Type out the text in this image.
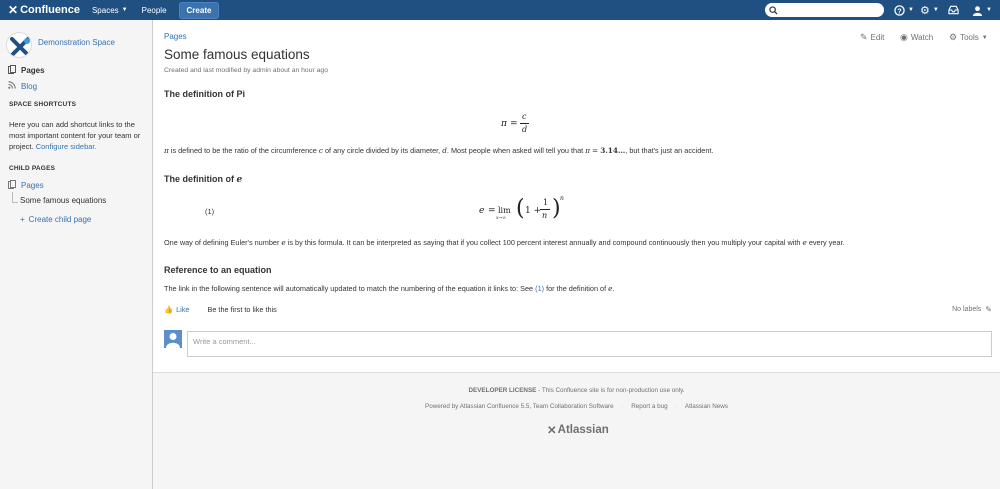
✕ Confluence Spaces ▼ People	Create	? ▼ ⚙ ▼	▼
Demonstration Space
Pages
Blog
SPACE SHORTCUTS
Here you can add shortcut links to the most important content for your team or project. Configure sidebar.
CHILD PAGES
Pages
Some famous equations
+ Create child page
Pages
Some famous equations
Created and last modified by admin about an hour ago
✎ Edit ◉ Watch ⚙ Tools ▼
The definition of Pi
π =
c
d
π is defined to be the ratio of the circumference c of any circle divided by its diameter, d. Most people when asked will tell you that π = 3.14…, but that's just an accident.
The definition of e
(1)	e = lim
x→∞ ( 1 +
1
n ) n
One way of defining Euler's number e is by this formula. It can be interpreted as saying that if you collect 100 percent interest annually and compound continuously then you multiply your capital with e every year.
Reference to an equation
The link in the following sentence will automatically updated to match the numbering of the equation it links to: See (1) for the definition of e.
👍 Like Be the first to like this	No labels ✎
Write a comment...
DEVELOPER LICENSE - This Confluence site is for non-production use only.
Powered by Atlassian Confluence 5.5, Team Collaboration Software · Report a bug · Atlassian News
✕ Atlassian
